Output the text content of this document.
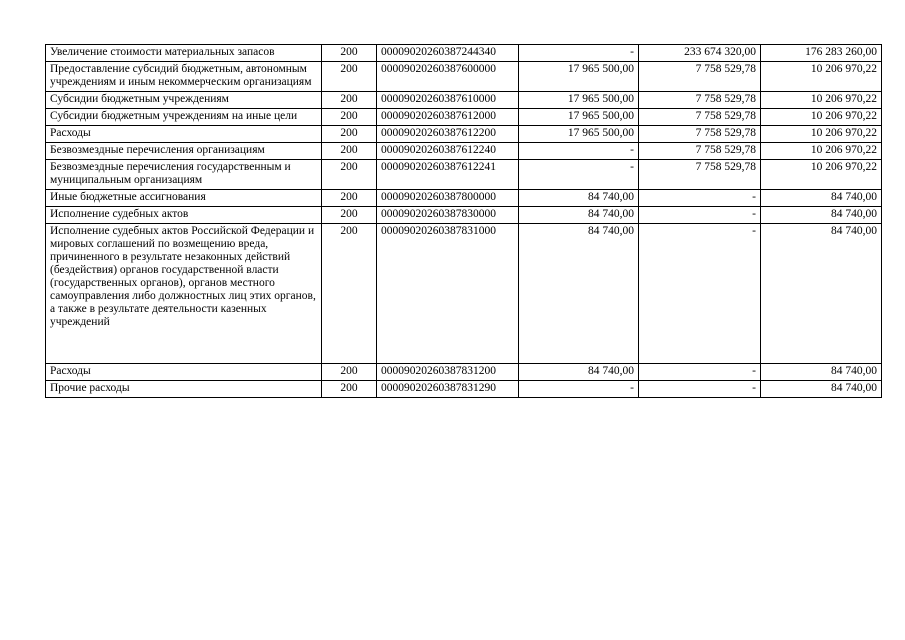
Увеличение стоимости материальных запасов	200	00009020260387244340	-	233 674 320,00	176 283 260,00
Предоставление субсидий бюджетным, автономным учреждениям и иным некоммерческим организациям	200	00009020260387600000	17 965 500,00	7 758 529,78	10 206 970,22
Субсидии бюджетным учреждениям	200	00009020260387610000	17 965 500,00	7 758 529,78	10 206 970,22
Субсидии бюджетным учреждениям на иные цели	200	00009020260387612000	17 965 500,00	7 758 529,78	10 206 970,22
Расходы	200	00009020260387612200	17 965 500,00	7 758 529,78	10 206 970,22
Безвозмездные перечисления организациям	200	00009020260387612240	-	7 758 529,78	10 206 970,22
Безвозмездные перечисления государственным и муниципальным организациям	200	00009020260387612241	-	7 758 529,78	10 206 970,22
Иные бюджетные ассигнования	200	00009020260387800000	84 740,00	-	84 740,00
Исполнение судебных актов	200	00009020260387830000	84 740,00	-	84 740,00
Исполнение судебных актов Российской Федерации и мировых соглашений по возмещению вреда, причиненного в результате незаконных действий (бездействия) органов государственной власти (государственных органов), органов местного самоуправления либо должностных лиц этих органов, а также в результате деятельности казенных учреждений	200	00009020260387831000	84 740,00	-	84 740,00
Расходы	200	00009020260387831200	84 740,00	-	84 740,00
Прочие расходы	200	00009020260387831290	-	-	84 740,00
